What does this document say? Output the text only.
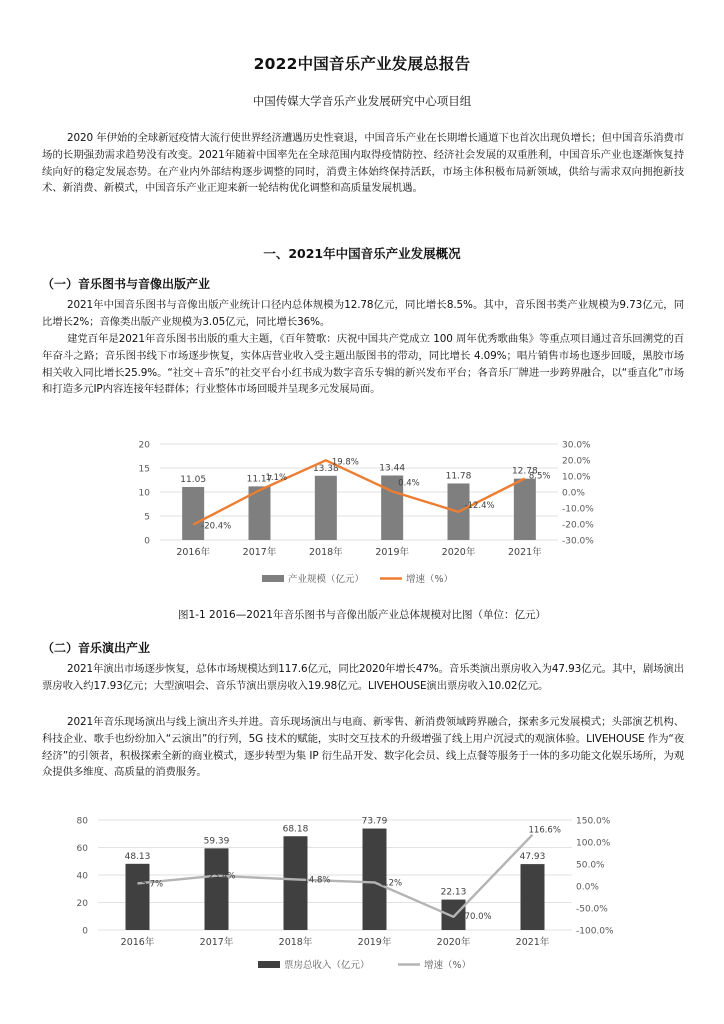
2022中国音乐产业发展总报告
中国传媒大学音乐产业发展研究中心项目组

2020 年伊始的全球新冠疫情大流行使世界经济遭遇历史性衰退，中国音乐产业在长期增长通道下也首次出现负增长；但中国音乐消费市场的长期强劲需求趋势没有改变。2021年随着中国率先在全球范围内取得疫情防控、经济社会发展的双重胜利，中国音乐产业也逐渐恢复持续向好的稳定发展态势。在产业内外部结构逐步调整的同时，消费主体始终保持活跃，市场主体积极布局新领域，供给与需求双向拥抱新技术、新消费、新模式，中国音乐产业正迎来新一轮结构优化调整和高质量发展机遇。

一、2021年中国音乐产业发展概况
（一）音乐图书与音像出版产业

2021年中国音乐图书与音像出版产业统计口径内总体规模为12.78亿元，同比增长8.5%。其中，音乐图书类产业规模为9.73亿元，同比增长2%；音像类出版产业规模为3.05亿元，同比增长36%。

建党百年是2021年音乐图书出版的重大主题，《百年赞歌：庆祝中国共产党成立 100 周年优秀歌曲集》等重点项目通过音乐回溯党的百年奋斗之路；音乐图书线下市场逐步恢复，实体店营业收入受主题出版图书的带动，同比增长 4.09%；唱片销售市场也逐步回暖，黑胶市场相关收入同比增长25.9%。“社交＋音乐”的社交平台小红书成为数字音乐专辑的新兴发布平台；各音乐厂牌进一步跨界融合，以“垂直化”市场和打造多元IP内容连接年轻群体；行业整体市场回暖并呈现多元发展局面。

0
5
10
15
20	30.0%
20.0%
10.0%
0.0%
-10.0%
-20.0%
-30.0%
11.05
2016年
11.17
2017年
13.38
2018年
13.44
2019年
11.78
2020年
12.78
2021年
-20.4%
1.1%
19.8%
0.4%
-12.4%
8.5%
产业规模（亿元）	增速（%）
图1-1 2016—2021年音乐图书与音像出版产业总体规模对比图（单位：亿元）
（二）音乐演出产业

2021年演出市场逐步恢复，总体市场规模达到117.6亿元，同比2020年增长47%。音乐类演出票房收入为47.93亿元。其中，剧场演出票房收入约17.93亿元；大型演唱会、音乐节演出票房收入19.98亿元。LIVEHOUSE演出票房收入10.02亿元。

2021年音乐现场演出与线上演出齐头并进。音乐现场演出与电商、新零售、新消费领域跨界融合，探索多元发展模式；头部演艺机构、科技企业、歌手也纷纷加入“云演出”的行列，5G 技术的赋能，实时交互技术的升级增强了线上用户沉浸式的观演体验。LIVEHOUSE 作为“夜经济”的引领者，积极探索全新的商业模式，逐步转型为集 IP 衍生品开发、数字化会员、线上点餐等服务于一体的多功能文化娱乐场所，为观众提供多维度、高质量的消费服务。

0
20
40
60
80	150.0%
100.0%
50.0%
0.0%
-50.0%
-100.0%
48.13
2016年
59.39
2017年
68.18
2018年
73.79
2019年
22.13
2020年
47.93
2021年
5.7%
23.4%	14.8%	8.2%
-70.0%
116.6%
票房总收入（亿元）	增速（%）
